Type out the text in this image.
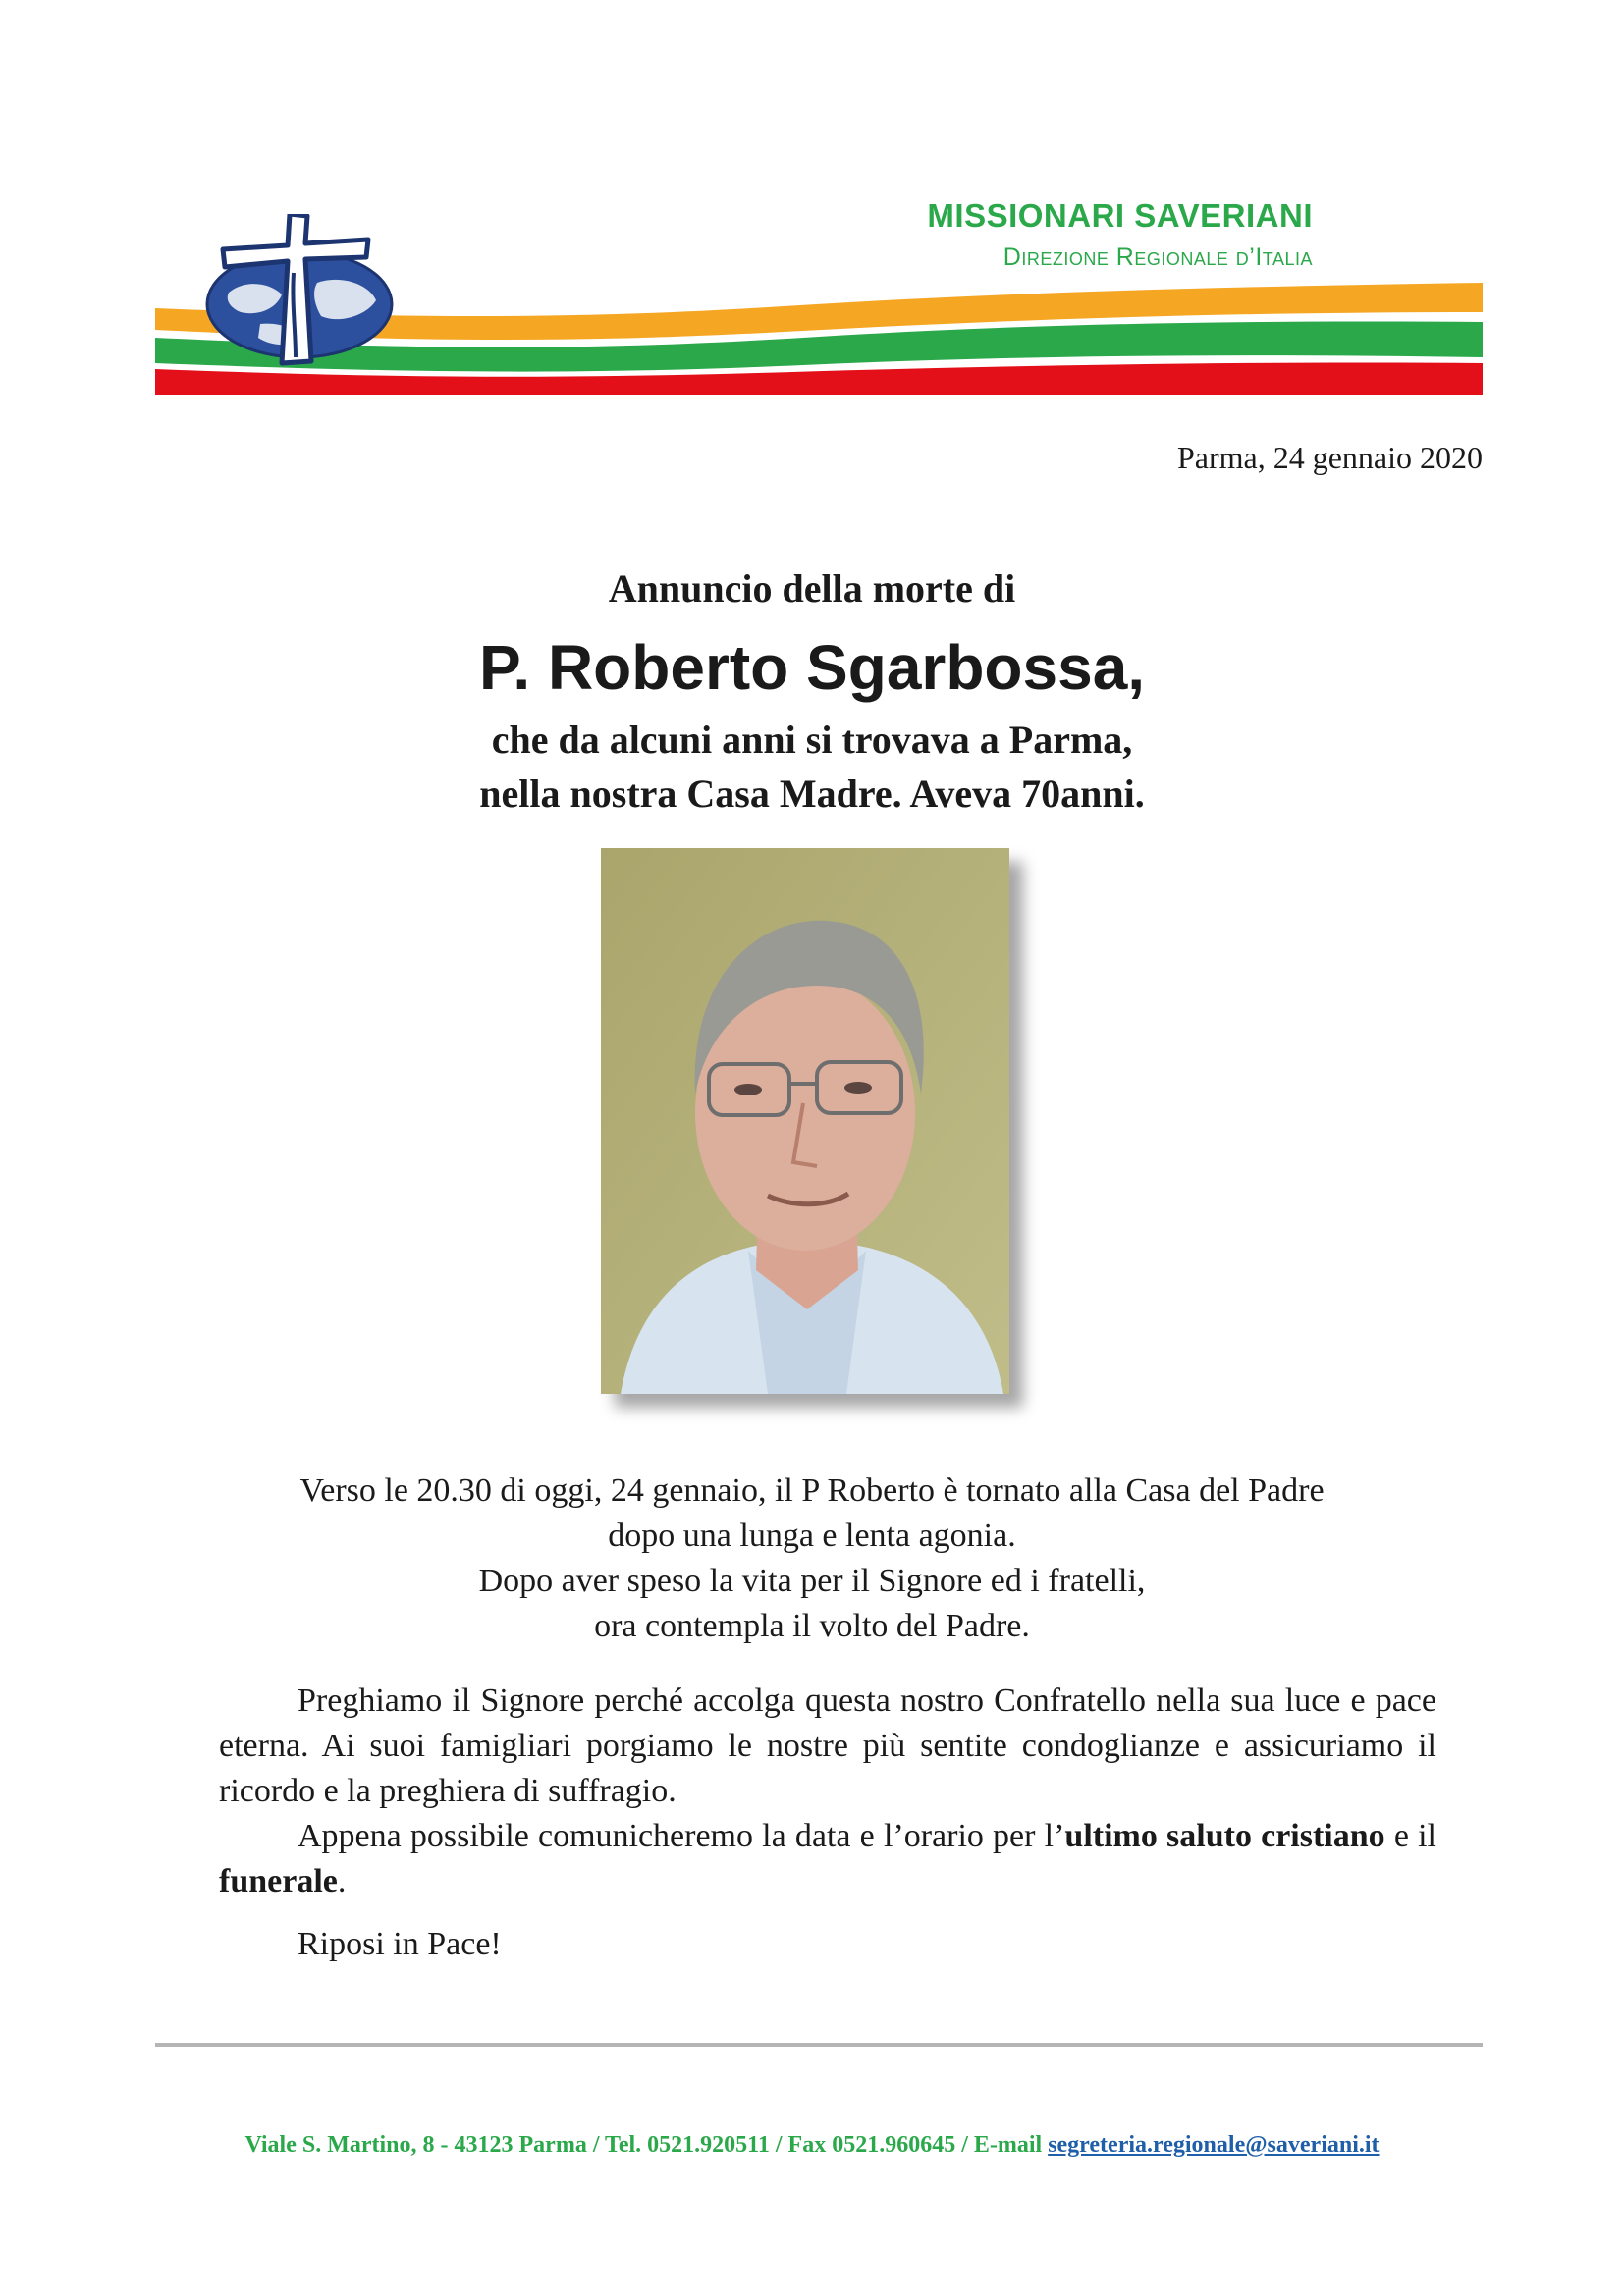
MISSIONARI SAVERIANI
Direzione Regionale d’Italia
Parma, 24 gennaio 2020
Annuncio della morte di
P. Roberto Sgarbossa,
che da alcuni anni si trovava a Parma,
nella nostra Casa Madre. Aveva 70anni.
Verso le 20.30 di oggi, 24 gennaio, il P Roberto è tornato alla Casa del Padre
dopo una lunga e lenta agonia.
Dopo aver speso la vita per il Signore ed i fratelli,
ora contempla il volto del Padre.
Preghiamo il Signore perché accolga questa nostro Confratello nella sua luce e pace eterna. Ai suoi famigliari porgiamo le nostre più sentite condoglianze e assicuriamo il ricordo e la preghiera di suffragio.
Appena possibile comunicheremo la data e l’orario per l’ultimo saluto cristiano e il funerale.
Riposi in Pace!
Viale S. Martino, 8 - 43123 Parma / Tel. 0521.920511 / Fax 0521.960645 / E-mail segreteria.regionale@saveriani.it
